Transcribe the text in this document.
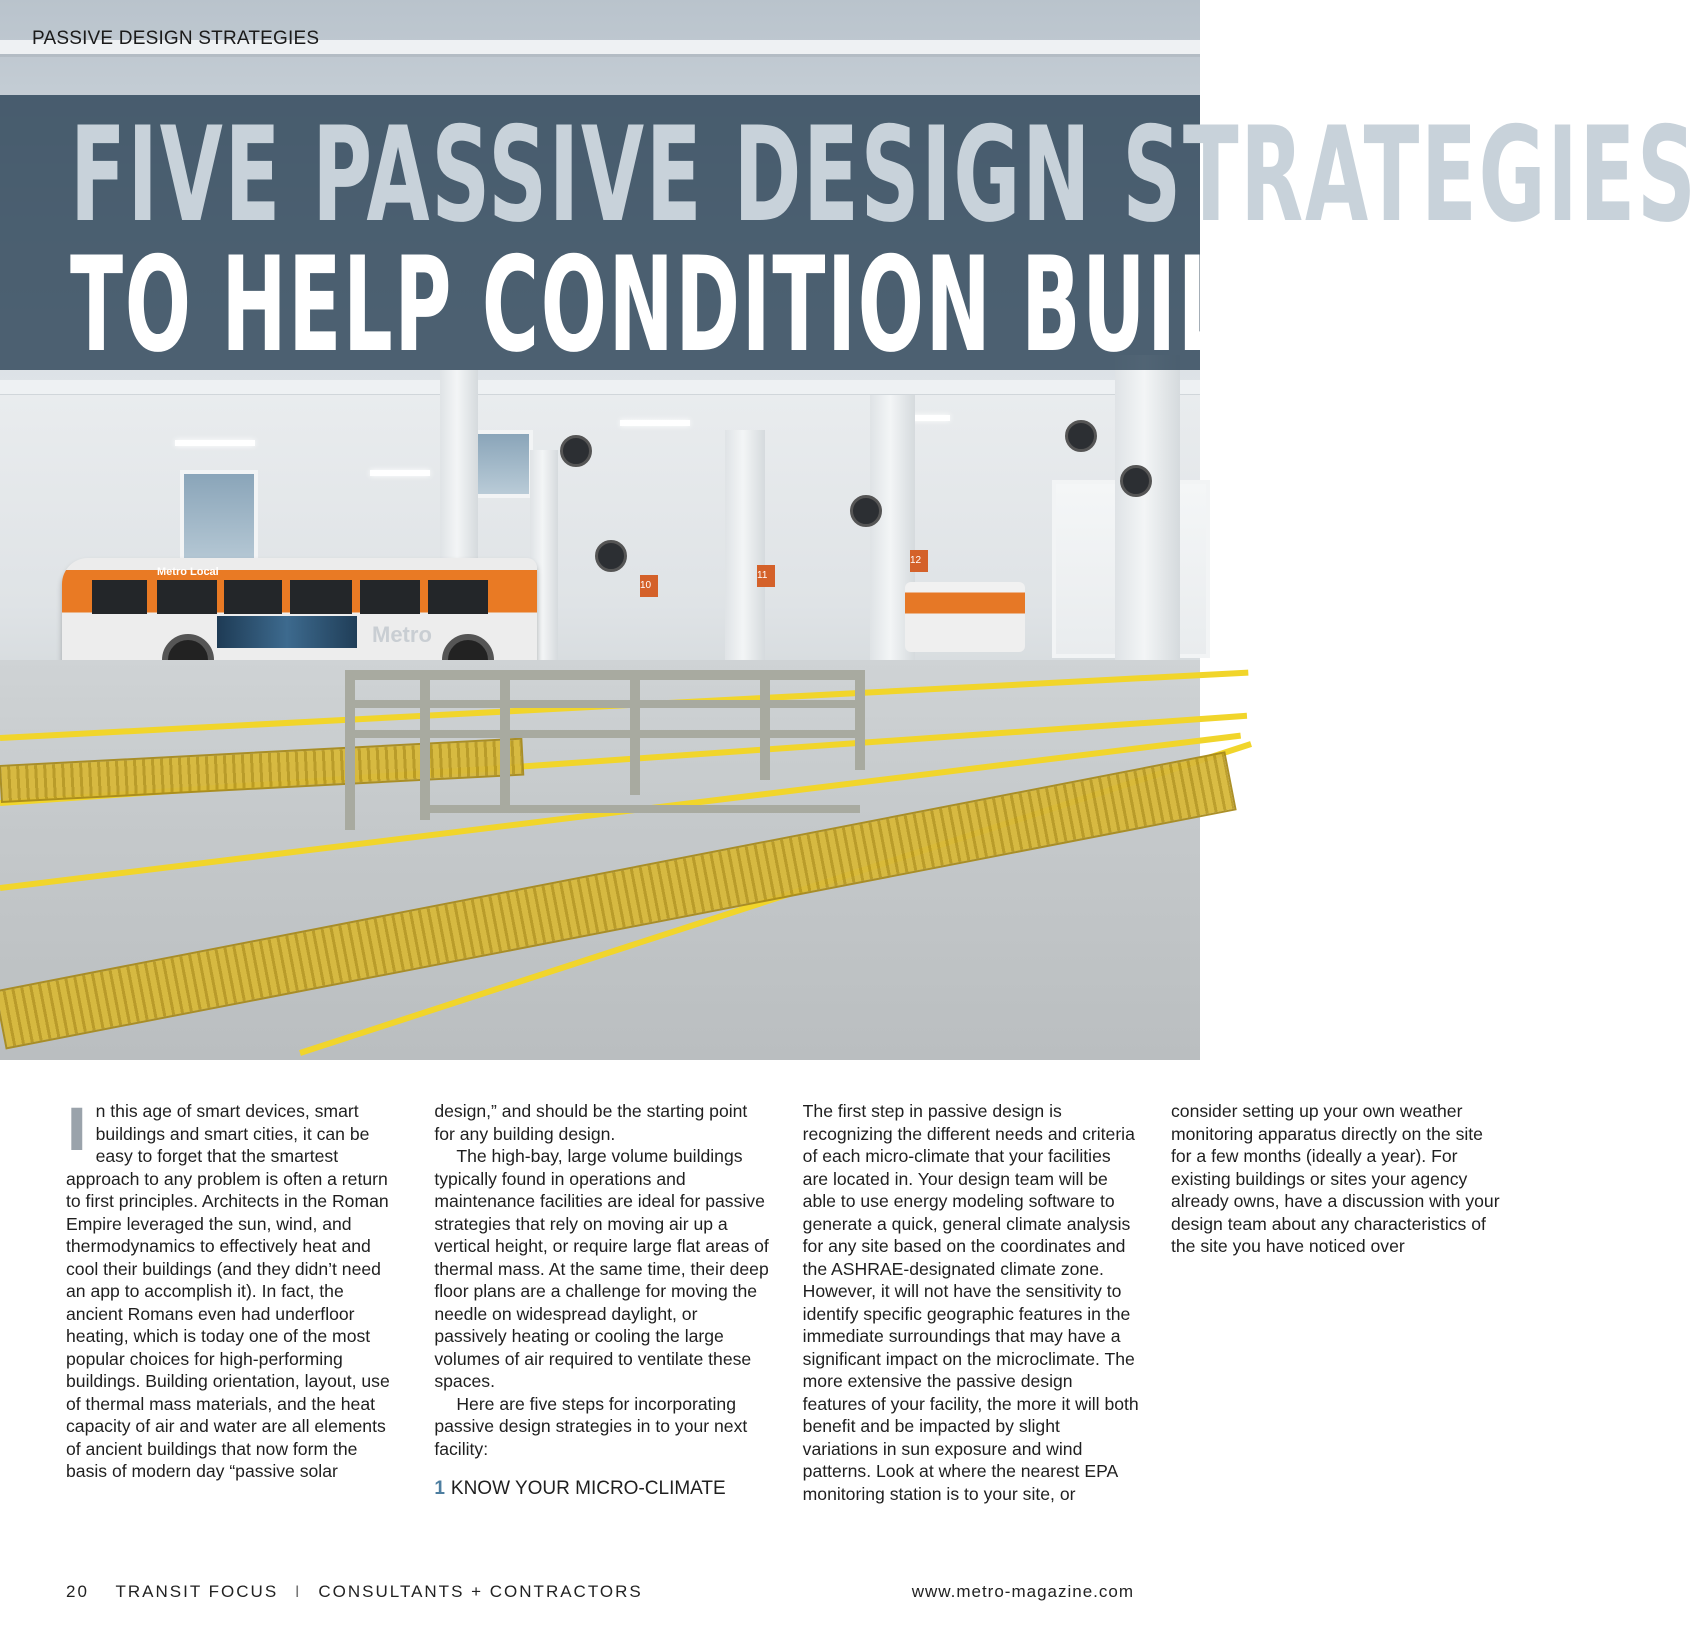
10
11
12
Metro Local
Metro
PASSIVE DESIGN STRATEGIES
FIVE PASSIVE DESIGN STRATEGIES
TO HELP CONDITION BUILDINGS

In this age of smart devices, smart buildings and smart cities, it can be easy to forget that the smartest approach to any problem is often a return to first principles. Architects in the Roman Empire leveraged the sun, wind, and thermodynamics to effectively heat and cool their buildings (and they didn’t need an app to accomplish it). In fact, the ancient Romans even had underfloor heating, which is today one of the most popular choices for high-performing buildings. Building orientation, layout, use of thermal mass materials, and the heat capacity of air and water are all elements of ancient buildings that now form the basis of modern day “passive solar design,” and should be the starting point for any building design.

The high-bay, large volume buildings typically found in operations and maintenance facilities are ideal for passive strategies that rely on moving air up a vertical height, or require large flat areas of thermal mass. At the same time, their deep floor plans are a challenge for moving the needle on widespread daylight, or passively heating or cooling the large volumes of air required to ventilate these spaces.

Here are five steps for incorporating passive design strategies in to your next facility:

1 KNOW YOUR MICRO-CLIMATE
The first step in passive design is recognizing the different needs and criteria of each micro-climate that your facilities are located in. Your design team will be able to use energy modeling software to generate a quick, general climate analysis for any site based on the coordinates and the ASHRAE-designated climate zone. However, it will not have the sensitivity to identify specific geographic features in the immediate surroundings that may have a significant impact on the microclimate. The more extensive the passive design features of your facility, the more it will both benefit and be impacted by slight variations in sun exposure and wind patterns. Look at where the nearest EPA monitoring station is to your site, or consider setting up your own weather monitoring apparatus directly on the site for a few months (ideally a year). For existing buildings or sites your agency already owns, have a discussion with your design team about any characteristics of the site you have noticed over
20 TRANSIT FOCUS I CONSULTANTS + CONTRACTORS	www.metro-magazine.com
